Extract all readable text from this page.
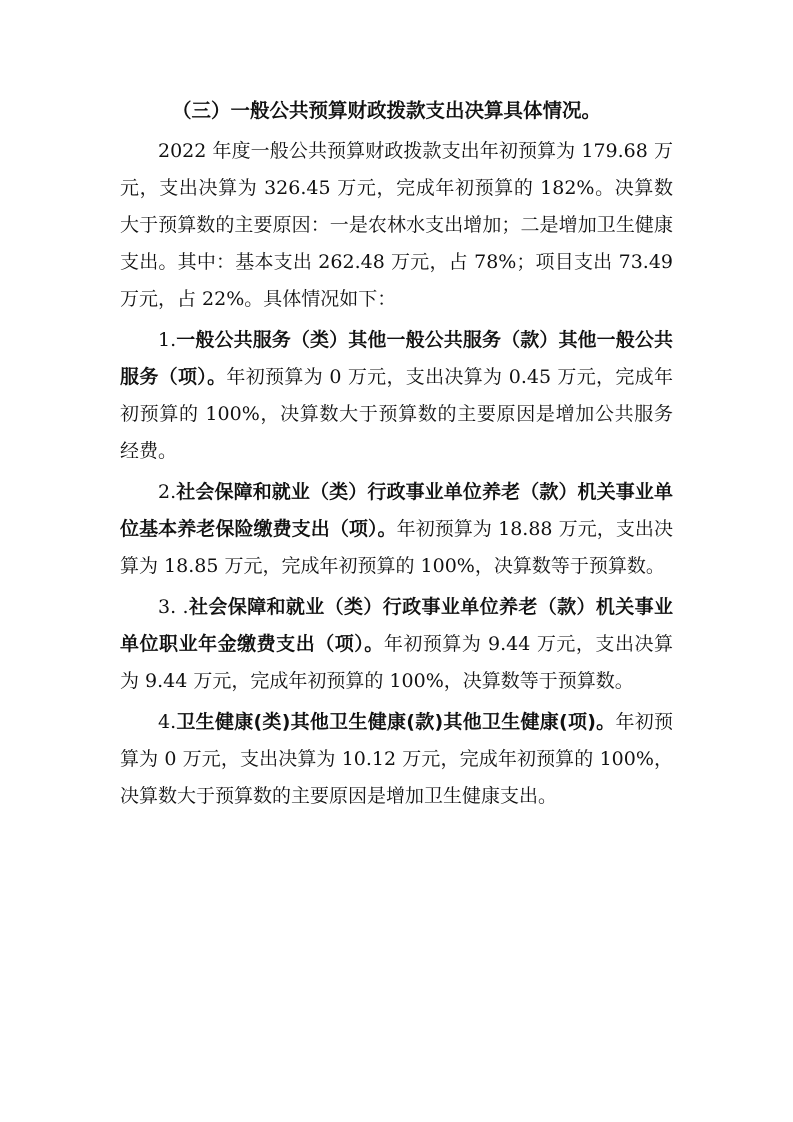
（三）一般公共预算财政拨款支出决算具体情况。

2022 年度一般公共预算财政拨款支出年初预算为 179.68 万元，支出决算为 326.45 万元，完成年初预算的 182%。决算数大于预算数的主要原因：一是农林水支出增加；二是增加卫生健康支出。其中：基本支出 262.48 万元，占 78%；项目支出 73.49 万元，占 22%。具体情况如下：

1.一般公共服务（类）其他一般公共服务（款）其他一般公共服务（项）。年初预算为 0 万元，支出决算为 0.45 万元，完成年初预算的 100%，决算数大于预算数的主要原因是增加公共服务经费。

2.社会保障和就业（类）行政事业单位养老（款）机关事业单位基本养老保险缴费支出（项）。年初预算为 18.88 万元，支出决算为 18.85 万元，完成年初预算的 100%，决算数等于预算数。

3. .社会保障和就业（类）行政事业单位养老（款）机关事业单位职业年金缴费支出（项）。年初预算为 9.44 万元，支出决算为 9.44 万元，完成年初预算的 100%，决算数等于预算数。

4.卫生健康(类)其他卫生健康(款)其他卫生健康(项)。年初预算为 0 万元，支出决算为 10.12 万元，完成年初预算的 100%，决算数大于预算数的主要原因是增加卫生健康支出。
